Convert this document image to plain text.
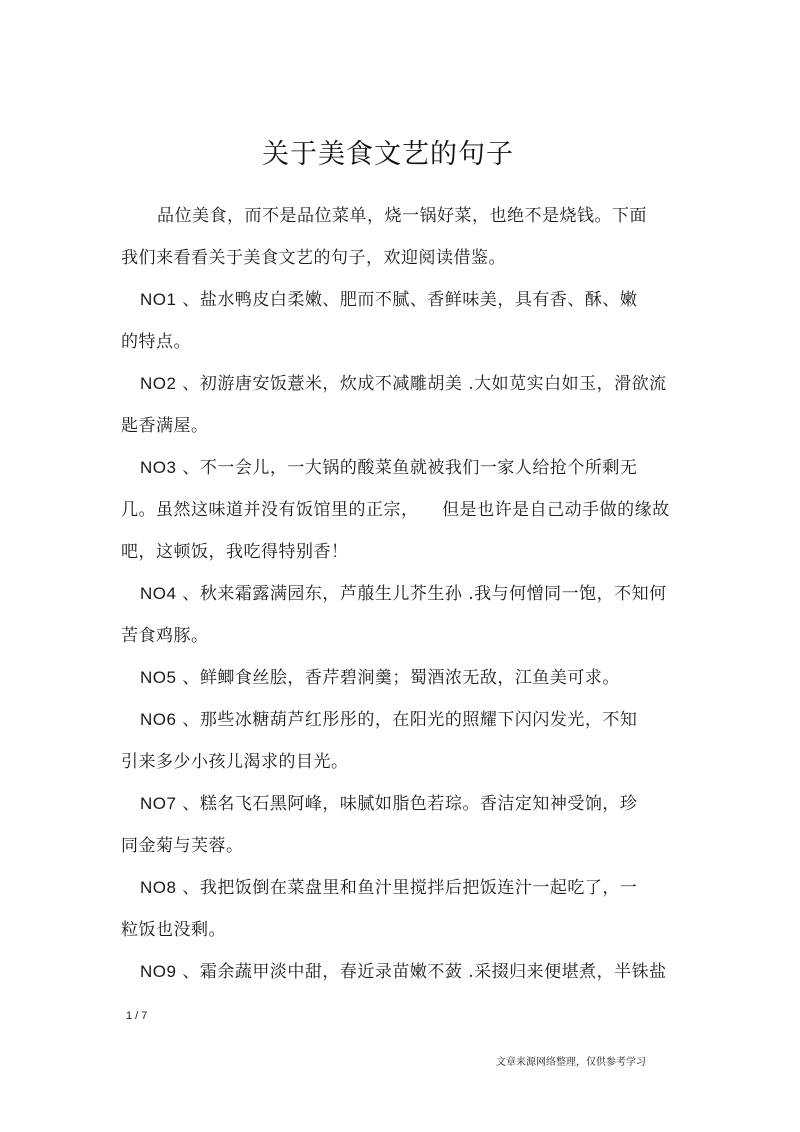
关于美食文艺的句子
品位美食，而不是品位菜单，烧一锅好菜，也绝不是烧钱。下面
我们来看看关于美食文艺的句子，欢迎阅读借鉴。
NO1 、盐水鸭皮白柔嫩、肥而不腻、香鲜味美，具有香、酥、嫩
的特点。
NO2 、初游唐安饭薏米，炊成不减雕胡美 .大如苋实白如玉，滑欲流
匙香满屋。
NO3 、不一会儿，一大锅的酸菜鱼就被我们一家人给抢个所剩无
几。虽然这味道并没有饭馆里的正宗，    但是也许是自己动手做的缘故
吧，这顿饭，我吃得特别香！
NO4 、秋来霜露满园东，芦菔生儿芥生孙 .我与何憎同一饱，不知何
苦食鸡豚。
NO5 、鲜鲫食丝脍，香芹碧涧羹；蜀酒浓无敌，江鱼美可求。
NO6 、那些冰糖葫芦红彤彤的，在阳光的照耀下闪闪发光，不知
引来多少小孩儿渴求的目光。
NO7 、糕名飞石黑阿峰，味腻如脂色若琮。香洁定知神受饷，珍
同金菊与芙蓉。
NO8 、我把饭倒在菜盘里和鱼汁里搅拌后把饭连汁一起吃了，一
粒饭也没剩。
NO9 、霜余蔬甲淡中甜，春近录苗嫩不蔹 .采掇归来便堪煮，半铢盐
1 / 7
文章来源网络整理，仅供参考学习
